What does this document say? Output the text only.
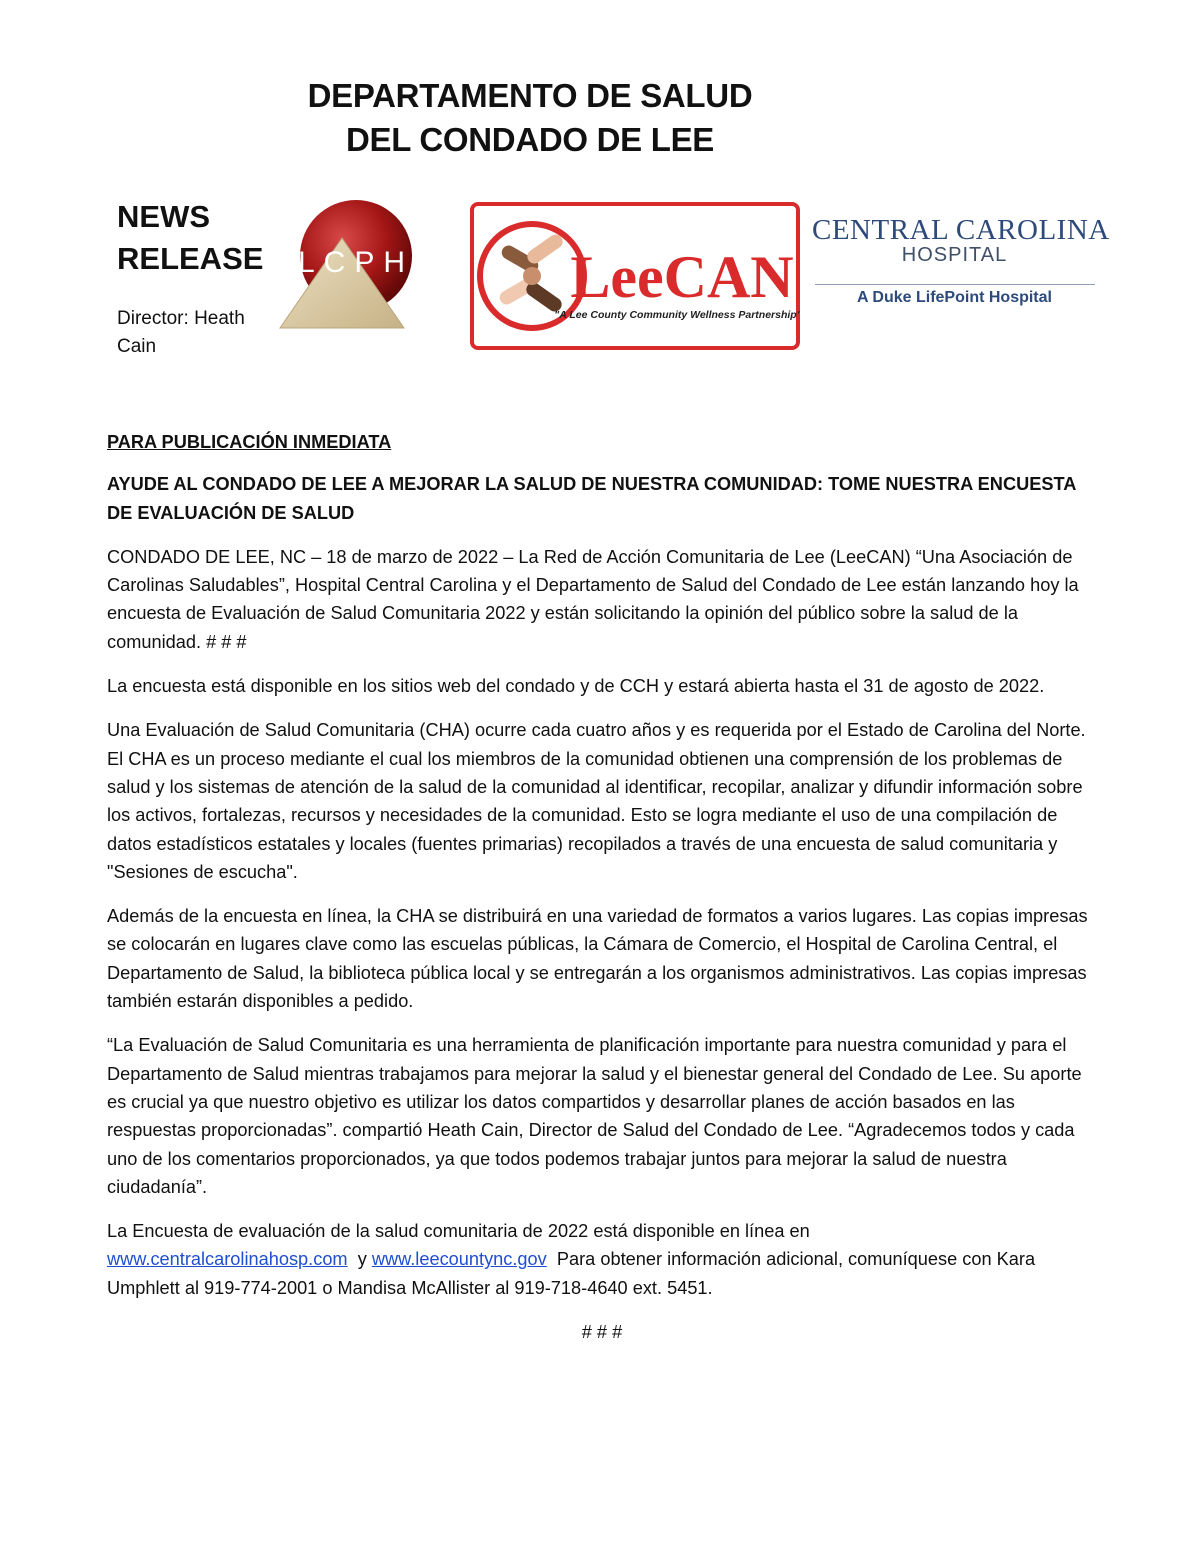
DEPARTAMENTO DE SALUD
DEL CONDADO DE LEE
NEWS
RELEASE
Director: Heath Cain
LCPH	LeeCAN
"A Lee County Community Wellness Partnership"
CENTRAL CAROLINA
HOSPITAL
A Duke LifePoint Hospital

PARA PUBLICACIÓN INMEDIATA

AYUDE AL CONDADO DE LEE A MEJORAR LA SALUD DE NUESTRA COMUNIDAD: TOME NUESTRA ENCUESTA DE EVALUACIÓN DE SALUD

CONDADO DE LEE, NC – 18 de marzo de 2022 – La Red de Acción Comunitaria de Lee (LeeCAN) “Una Asociación de Carolinas Saludables”, Hospital Central Carolina y el Departamento de Salud del Condado de Lee están lanzando hoy la encuesta de Evaluación de Salud Comunitaria 2022 y están solicitando la opinión del público sobre la salud de la comunidad. # # #

La encuesta está disponible en los sitios web del condado y de CCH y estará abierta hasta el 31 de agosto de 2022.

Una Evaluación de Salud Comunitaria (CHA) ocurre cada cuatro años y es requerida por el Estado de Carolina del Norte. El CHA es un proceso mediante el cual los miembros de la comunidad obtienen una comprensión de los problemas de salud y los sistemas de atención de la salud de la comunidad al identificar, recopilar, analizar y difundir información sobre los activos, fortalezas, recursos y necesidades de la comunidad. Esto se logra mediante el uso de una compilación de datos estadísticos estatales y locales (fuentes primarias) recopilados a través de una encuesta de salud comunitaria y "Sesiones de escucha".

Además de la encuesta en línea, la CHA se distribuirá en una variedad de formatos a varios lugares. Las copias impresas se colocarán en lugares clave como las escuelas públicas, la Cámara de Comercio, el Hospital de Carolina Central, el Departamento de Salud, la biblioteca pública local y se entregarán a los organismos administrativos. Las copias impresas también estarán disponibles a pedido.

“La Evaluación de Salud Comunitaria es una herramienta de planificación importante para nuestra comunidad y para el Departamento de Salud mientras trabajamos para mejorar la salud y el bienestar general del Condado de Lee. Su aporte es crucial ya que nuestro objetivo es utilizar los datos compartidos y desarrollar planes de acción basados en las respuestas proporcionadas”. compartió Heath Cain, Director de Salud del Condado de Lee. “Agradecemos todos y cada uno de los comentarios proporcionados, ya que todos podemos trabajar juntos para mejorar la salud de nuestra ciudadanía”.

La Encuesta de evaluación de la salud comunitaria de 2022 está disponible en línea en
www.centralcarolinahosp.com y www.leecountync.gov Para obtener información adicional, comuníquese con Kara Umphlett al 919-774-2001 o Mandisa McAllister al 919-718-4640 ext. 5451.

# # #
